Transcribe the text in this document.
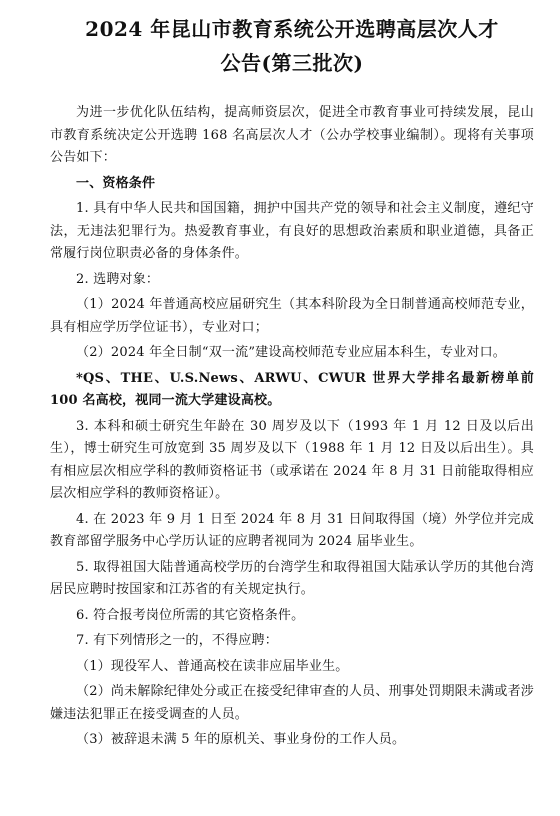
2024 年昆山市教育系统公开选聘高层次人才
公告(第三批次)

为进一步优化队伍结构，提高师资层次，促进全市教育事业可持续发展，昆山市教育系统决定公开选聘 168 名高层次人才（公办学校事业编制）。现将有关事项公告如下：

一、资格条件

1. 具有中华人民共和国国籍，拥护中国共产党的领导和社会主义制度，遵纪守法，无违法犯罪行为。热爱教育事业，有良好的思想政治素质和职业道德，具备正常履行岗位职责必备的身体条件。

2. 选聘对象：

（1）2024 年普通高校应届研究生（其本科阶段为全日制普通高校师范专业，具有相应学历学位证书），专业对口；

（2）2024 年全日制“双一流”建设高校师范专业应届本科生，专业对口。

*QS、THE、U.S.News、ARWU、CWUR 世界大学排名最新榜单前 100 名高校，视同一流大学建设高校。

3. 本科和硕士研究生年龄在 30 周岁及以下（1993 年 1 月 12 日及以后出生），博士研究生可放宽到 35 周岁及以下（1988 年 1 月 12 日及以后出生）。具有相应层次相应学科的教师资格证书（或承诺在 2024 年 8 月 31 日前能取得相应层次相应学科的教师资格证）。

4. 在 2023 年 9 月 1 日至 2024 年 8 月 31 日间取得国（境）外学位并完成教育部留学服务中心学历认证的应聘者视同为 2024 届毕业生。

5. 取得祖国大陆普通高校学历的台湾学生和取得祖国大陆承认学历的其他台湾居民应聘时按国家和江苏省的有关规定执行。

6. 符合报考岗位所需的其它资格条件。

7. 有下列情形之一的，不得应聘：

（1）现役军人、普通高校在读非应届毕业生。

（2）尚未解除纪律处分或正在接受纪律审查的人员、刑事处罚期限未满或者涉嫌违法犯罪正在接受调查的人员。

（3）被辞退未满 5 年的原机关、事业身份的工作人员。
